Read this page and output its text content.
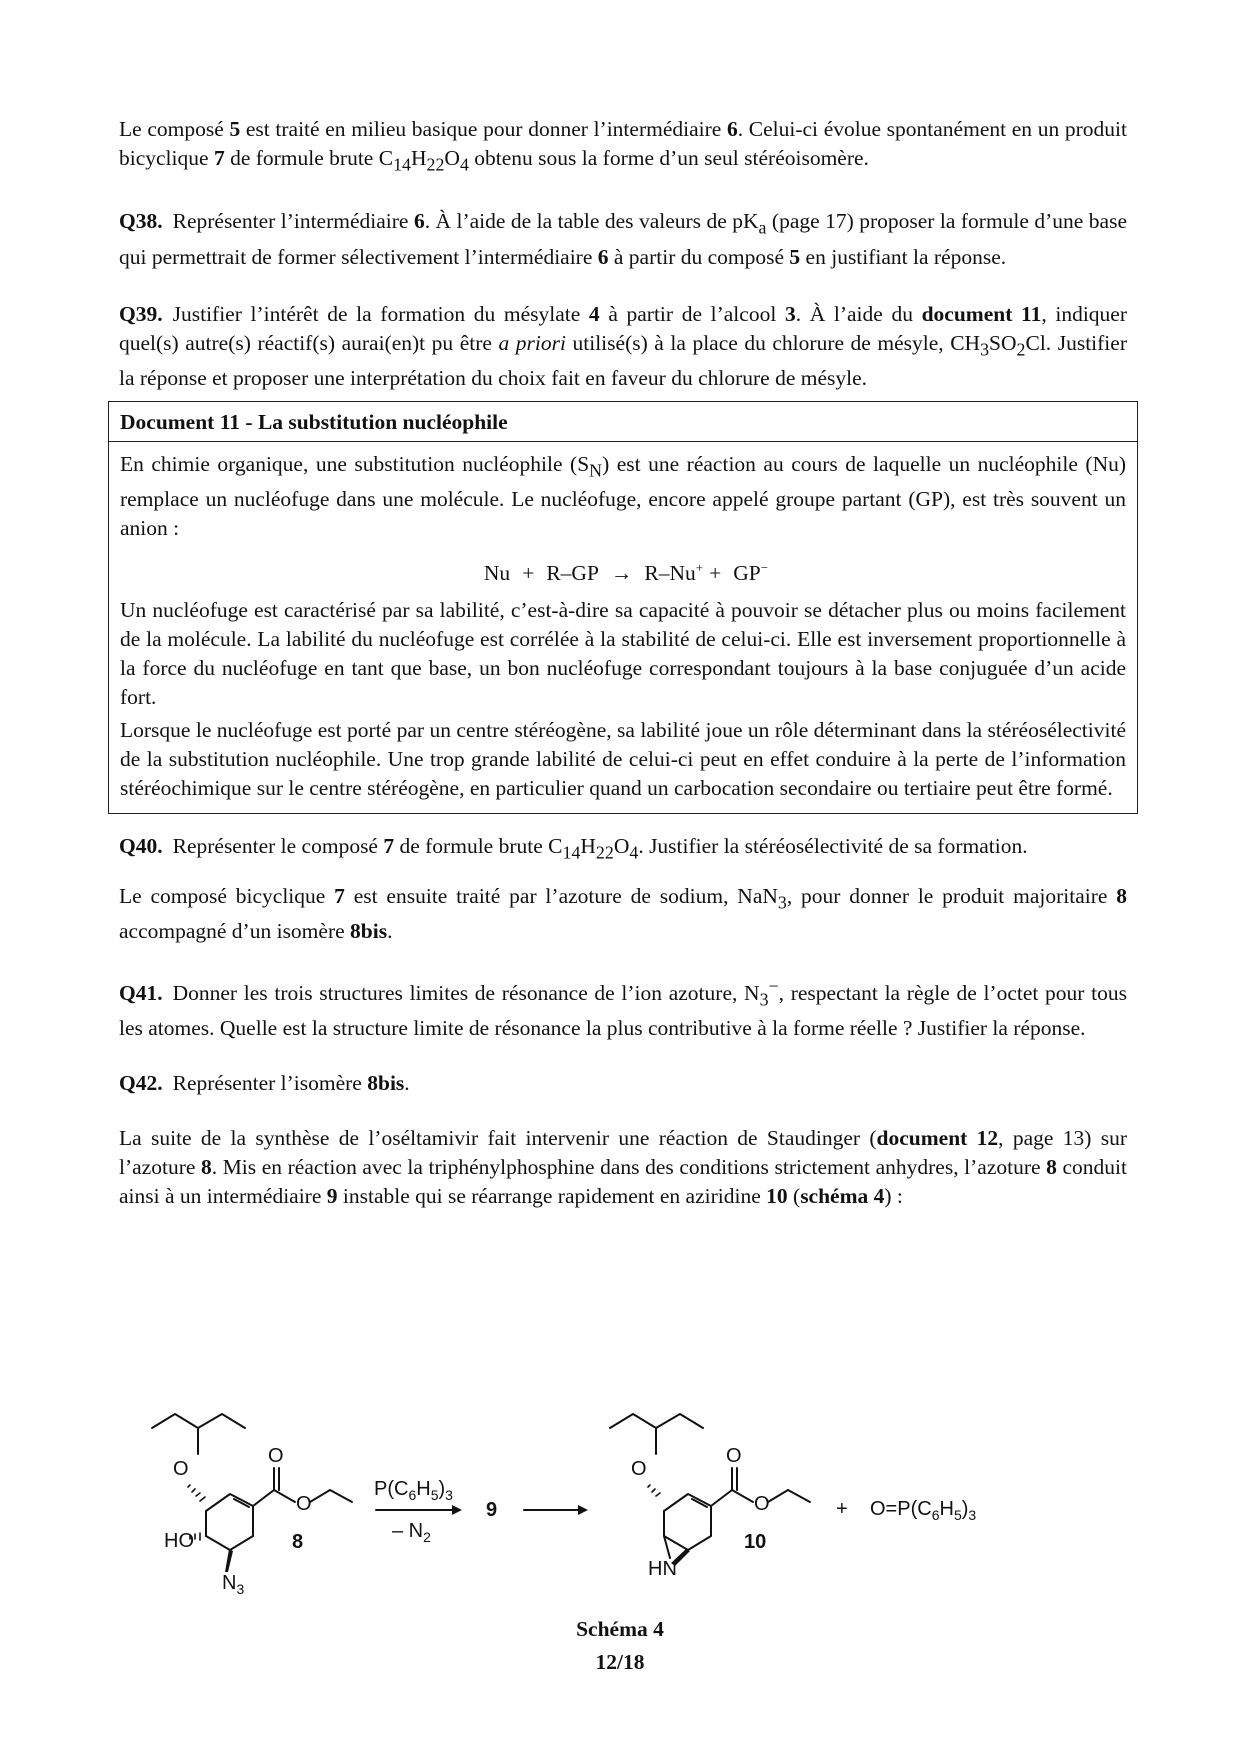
Le composé 5 est traité en milieu basique pour donner l’intermédiaire 6. Celui-ci évolue spontanément en un produit bicyclique 7 de formule brute $C_{14}H_{22}O_4$ obtenu sous la forme d’un seul stéréoisomère.

Q38. Représenter l’intermédiaire 6. À l’aide de la table des valeurs de $pK_a$ (page 17) proposer la formule d’une base qui permettrait de former sélectivement l’intermédiaire 6 à partir du composé 5 en justifiant la réponse.

Q39. Justifier l’intérêt de la formation du mésylate 4 à partir de l’alcool 3. À l’aide du document 11, indiquer quel(s) autre(s) réactif(s) aurai(en)t pu être a priori utilisé(s) à la place du chlorure de mésyle, $CH_3SO_2Cl$. Justifier la réponse et proposer une interprétation du choix fait en faveur du chlorure de mésyle.

Document 11 - La substitution nucléophile

En chimie organique, une substitution nucléophile $(S_N)$ est une réaction au cours de laquelle un nucléophile (Nu) remplace un nucléofuge dans une molécule. Le nucléofuge, encore appelé groupe partant (GP), est très souvent un anion :

Nu + R–GP → R–Nu+ + GP−

Un nucléofuge est caractérisé par sa labilité, c’est-à-dire sa capacité à pouvoir se détacher plus ou moins facilement de la molécule. La labilité du nucléofuge est corrélée à la stabilité de celui-ci. Elle est inversement proportionnelle à la force du nucléofuge en tant que base, un bon nucléofuge correspondant toujours à la base conjuguée d’un acide fort.

Lorsque le nucléofuge est porté par un centre stéréogène, sa labilité joue un rôle déterminant dans la stéréosélectivité de la substitution nucléophile. Une trop grande labilité de celui-ci peut en effet conduire à la perte de l’information stéréochimique sur le centre stéréogène, en particulier quand un carbocation secondaire ou tertiaire peut être formé.

Q40. Représenter le composé 7 de formule brute $C_{14}H_{22}O_4$. Justifier la stéréosélectivité de sa formation.

Le composé bicyclique 7 est ensuite traité par l’azoture de sodium, NaN$_3$, pour donner le produit majoritaire 8 accompagné d’un isomère 8bis.

Q41. Donner les trois structures limites de résonance de l’ion azoture, $N_3^-$, respectant la règle de l’octet pour tous les atomes. Quelle est la structure limite de résonance la plus contributive à la forme réelle ? Justifier la réponse.

Q42. Représenter l’isomère 8bis.

La suite de la synthèse de l’oséltamivir fait intervenir une réaction de Staudinger (document 12, page 13) sur l’azoture 8. Mis en réaction avec la triphénylphosphine dans des conditions strictement anhydres, l’azoture 8 conduit ainsi à un intermédiaire 9 instable qui se réarrange rapidement en aziridine 10 (schéma 4) :

O
O
O
HO
$N_3$
8
$P(C_6H_5)_3$
– $N_2$
9
O
O
O
HN
10
+ $O=P(C_6H_5)_3$
Schéma 4
12/18
